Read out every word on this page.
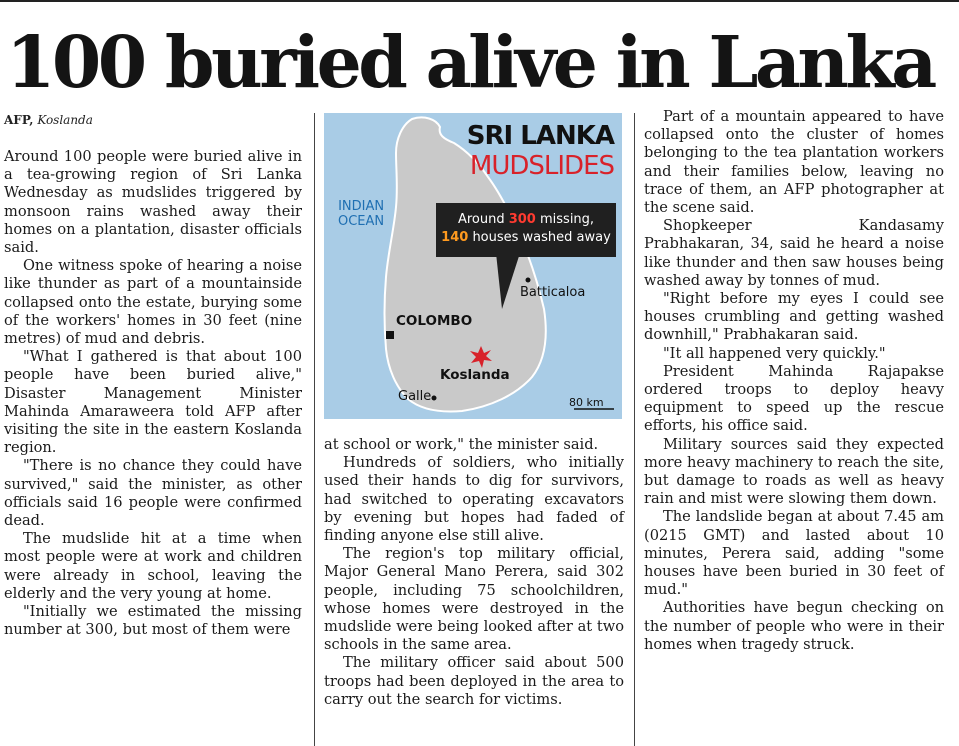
100 buried alive in Lanka
AFP, Koslanda

Around 100 people were buried alive in a tea-growing region of Sri Lanka Wednesday as mudslides triggered by monsoon rains washed away their homes on a plantation, disaster officials said.

One witness spoke of hearing a noise like thunder as part of a mountainside collapsed onto the estate, burying some of the workers' homes in 30 feet (nine metres) of mud and debris.

"What I gathered is that about 100 people have been buried alive," Disaster Management Minister Mahinda Amaraweera told AFP after visiting the site in the eastern Koslanda region.

"There is no chance they could have survived," said the minister, as other officials said 16 people were confirmed dead.

The mudslide hit at a time when most people were at work and children were already in school, leaving the elderly and the very young at home.

"Initially we estimated the missing number at 300, but most of them were

SRI LANKA
MUDSLIDES
INDIAN
OCEAN	Around 300 missing,
140 houses washed away
Batticaloa
COLOMBO
Koslanda
Galle	80 km

at school or work," the minister said.

Hundreds of soldiers, who initially used their hands to dig for survivors, had switched to operating excavators by evening but hopes had faded of finding anyone else still alive.

The region's top military official, Major General Mano Perera, said 302 people, including 75 schoolchildren, whose homes were destroyed in the mudslide were being looked after at two schools in the same area.

The military officer said about 500 troops had been deployed in the area to carry out the search for victims.

Part of a mountain appeared to have collapsed onto the cluster of homes belonging to the tea plantation workers and their families below, leaving no trace of them, an AFP photographer at the scene said.

Shopkeeper Kandasamy Prabhakaran, 34, said he heard a noise like thunder and then saw houses being washed away by tonnes of mud.

"Right before my eyes I could see houses crumbling and getting washed downhill," Prabhakaran said.

"It all happened very quickly."

President Mahinda Rajapakse ordered troops to deploy heavy equipment to speed up the rescue efforts, his office said.

Military sources said they expected more heavy machinery to reach the site, but damage to roads as well as heavy rain and mist were slowing them down.

The landslide began at about 7.45 am (0215 GMT) and lasted about 10 minutes, Perera said, adding "some houses have been buried in 30 feet of mud."

Authorities have begun checking on the number of people who were in their homes when tragedy struck.
